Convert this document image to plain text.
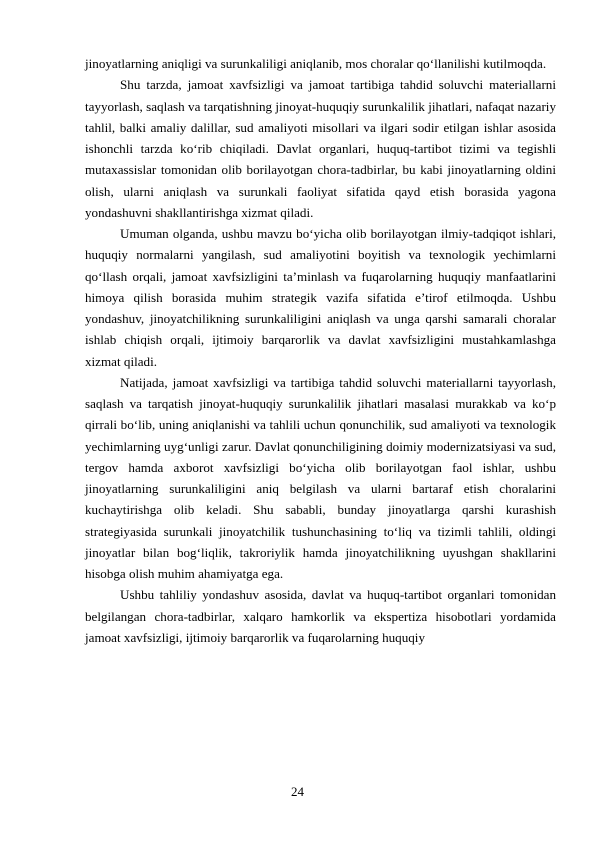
jinoyatlarning aniqligi va surunkaliligi aniqlanib, mos choralar qo‘llanilishi kutilmoqda.

Shu tarzda, jamoat xavfsizligi va jamoat tartibiga tahdid soluvchi materiallarni tayyorlash, saqlash va tarqatishning jinoyat-huquqiy surunkalilik jihatlari, nafaqat nazariy tahlil, balki amaliy dalillar, sud amaliyoti misollari va ilgari sodir etilgan ishlar asosida ishonchli tarzda ko‘rib chiqiladi. Davlat organlari, huquq-tartibot tizimi va tegishli mutaxassislar tomonidan olib borilayotgan chora-tadbirlar, bu kabi jinoyatlarning oldini olish, ularni aniqlash va surunkali faoliyat sifatida qayd etish borasida yagona yondashuvni shakllantirishga xizmat qiladi.

Umuman olganda, ushbu mavzu bo‘yicha olib borilayotgan ilmiy-tadqiqot ishlari, huquqiy normalarni yangilash, sud amaliyotini boyitish va texnologik yechimlarni qo‘llash orqali, jamoat xavfsizligini ta’minlash va fuqarolarning huquqiy manfaatlarini himoya qilish borasida muhim strategik vazifa sifatida e’tirof etilmoqda. Ushbu yondashuv, jinoyatchilikning surunkaliligini aniqlash va unga qarshi samarali choralar ishlab chiqish orqali, ijtimoiy barqarorlik va davlat xavfsizligini mustahkamlashga xizmat qiladi.

Natijada, jamoat xavfsizligi va tartibiga tahdid soluvchi materiallarni tayyorlash, saqlash va tarqatish jinoyat-huquqiy surunkalilik jihatlari masalasi murakkab va ko‘p qirrali bo‘lib, uning aniqlanishi va tahlili uchun qonunchilik, sud amaliyoti va texnologik yechimlarning uyg‘unligi zarur. Davlat qonunchiligining doimiy modernizatsiyasi va sud, tergov hamda axborot xavfsizligi bo‘yicha olib borilayotgan faol ishlar, ushbu jinoyatlarning surunkaliligini aniq belgilash va ularni bartaraf etish choralarini kuchaytirishga olib keladi. Shu sababli, bunday jinoyatlarga qarshi kurashish strategiyasida surunkali jinoyatchilik tushunchasining to‘liq va tizimli tahlili, oldingi jinoyatlar bilan bog‘liqlik, takroriylik hamda jinoyatchilikning uyushgan shakllarini hisobga olish muhim ahamiyatga ega.

Ushbu tahliliy yondashuv asosida, davlat va huquq-tartibot organlari tomonidan belgilangan chora-tadbirlar, xalqaro hamkorlik va ekspertiza hisobotlari yordamida jamoat xavfsizligi, ijtimoiy barqarorlik va fuqarolarning huquqiy

24
